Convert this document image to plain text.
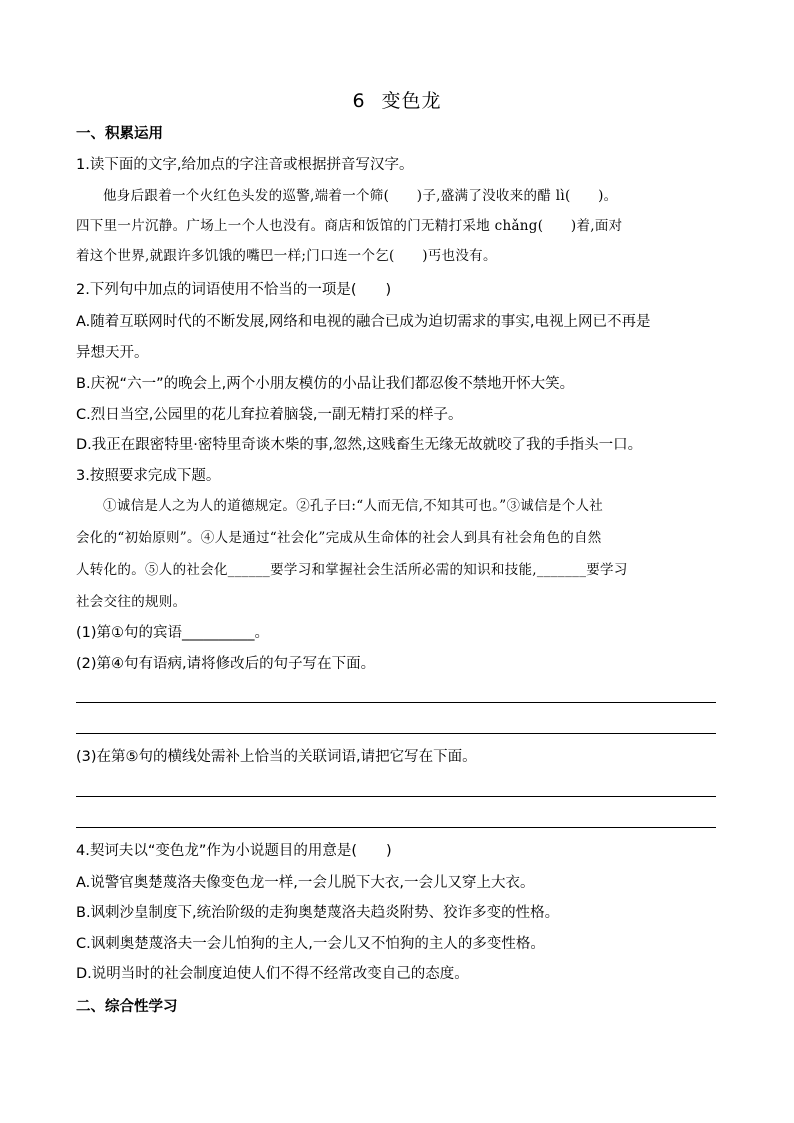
6 变色龙
一、积累运用
1.读下面的文字,给加点的字注音或根据拼音写汉字。
他身后跟着一个火红色头发的巡警,端着一个筛(　　)子,盛满了没收来的醋 lì(　　)。
四下里一片沉静。广场上一个人也没有。商店和饭馆的门无精打采地 chǎng(　　)着,面对
着这个世界,就跟许多饥饿的嘴巴一样;门口连一个乞(　　)丐也没有。
2.下列句中加点的词语使用不恰当的一项是(　　)
A.随着互联网时代的不断发展,网络和电视的融合已成为迫切需求的事实,电视上网已不再是
异想天开。
B.庆祝“六一”的晚会上,两个小朋友模仿的小品让我们都忍俊不禁地开怀大笑。
C.烈日当空,公园里的花儿耷拉着脑袋,一副无精打采的样子。
D.我正在跟密特里·密特里奇谈木柴的事,忽然,这贱畜生无缘无故就咬了我的手指头一口。
3.按照要求完成下题。
①诚信是人之为人的道德规定。②孔子曰:“人而无信,不知其可也。”③诚信是个人社
会化的“初始原则”。④人是通过“社会化”完成从生命体的社会人到具有社会角色的自然
人转化的。⑤人的社会化______要学习和掌握社会生活所必需的知识和技能,_______要学习
社会交往的规则。
(1)第①句的宾语__________。
(2)第④句有语病,请将修改后的句子写在下面。
(3)在第⑤句的横线处需补上恰当的关联词语,请把它写在下面。
4.契诃夫以“变色龙”作为小说题目的用意是(　　)
A.说警官奥楚蔑洛夫像变色龙一样,一会儿脱下大衣,一会儿又穿上大衣。
B.讽刺沙皇制度下,统治阶级的走狗奥楚蔑洛夫趋炎附势、狡诈多变的性格。
C.讽刺奥楚蔑洛夫一会儿怕狗的主人,一会儿又不怕狗的主人的多变性格。
D.说明当时的社会制度迫使人们不得不经常改变自己的态度。
二、综合性学习
